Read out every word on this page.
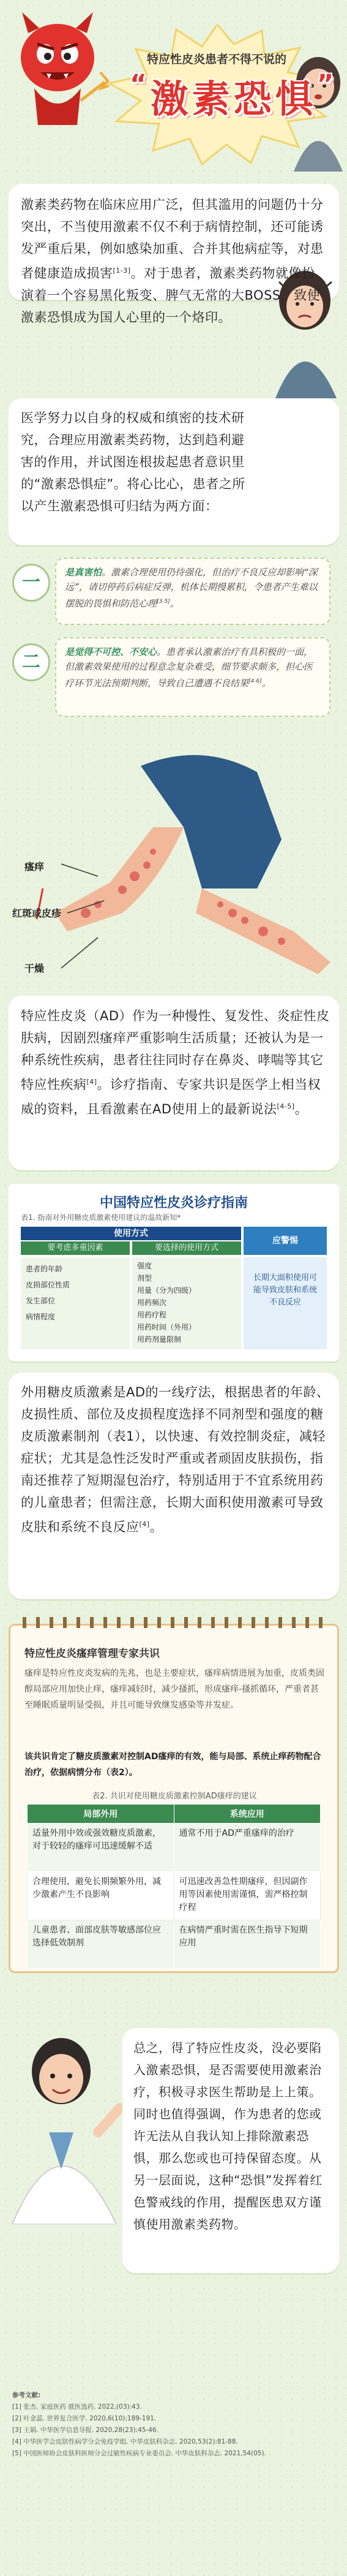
特应性皮炎患者不得不说的
“激素恐惧”
激素类药物在临床应用广泛，但其滥用的问题仍十分突出，不当使用激素不仅不利于病情控制，还可能诱发严重后果，例如感染加重、合并其他病症等，对患者健康造成损害[1-3]。对于患者，激素类药物就像扮演着一个容易黑化叛变、脾气无常的大BOSS，致使激素恐惧成为国人心里的一个烙印。
医学努力以自身的权威和缜密的技术研究，合理应用激素类药物，达到趋利避害的作用，并试图连根拔起患者意识里的“激素恐惧症”。将心比心，患者之所以产生激素恐惧可归结为两方面：
一	是真害怕。激素合理使用仍待强化，但治疗不良反应却影响“深远”，请切停药后病症反弹，机体长期慢累积，令患者产生难以摆脱的畏惧和防范心理[3-5]。
二	是觉得不可控、不安心。患者承认激素治疗有具积极的一面，但激素效果使用的过程意念复杂难受，细节要求颇多，担心医疗环节光法预期判断，导致自己遭遇不良结果[4-6]。
瘙痒
红斑或皮疹
干燥
特应性皮炎（AD）作为一种慢性、复发性、炎症性皮肤病，因剧烈瘙痒严重影响生活质量；还被认为是一种系统性疾病，患者往往同时存在鼻炎、哮喘等其它特应性疾病[4]。诊疗指南、专家共识是医学上相当权威的资料，且看激素在AD使用上的最新说法[4-5]。
中国特应性皮炎诊疗指南
表1. 指南对外用糖皮质激素使用建议的温故新知*
使用方式
要考虑多重因素	要选择的使用方式
应警惕
患者的年龄
皮损部位性质
发生部位
病情程度
强度
剂型
用量（分为四级）
用药频次
用药疗程
用药时间（外用）
用药剂量限制
长期大面积使用可能导致皮肤和系统不良反应
外用糖皮质激素是AD的一线疗法，根据患者的年龄、皮损性质、部位及皮损程度选择不同剂型和强度的糖皮质激素制剂（表1），以快速、有效控制炎症，减轻症状；尤其是急性泛发时严重或者顽固皮肤损伤，指南还推荐了短期湿包治疗，特别适用于不宜系统用药的儿童患者；但需注意，长期大面积使用激素可导致皮肤和系统不良反应[4]。
特应性皮炎瘙痒管理专家共识
瘙痒是特应性皮炎发病的先兆，也是主要症状，瘙痒病情进展为加重，皮质类固醇局部应用加快止痒，瘙痒减轻时，减少搔抓，形成瘙痒-搔抓循环，严重者甚至睡眠质量明显受损，并且可能导致继发感染等并发症。
该共识肯定了糖皮质激素对控制AD瘙痒的有效，能与局部、系统止痒药物配合治疗，依据病情分布（表2）。
表2. 共识对使用糖皮质激素控制AD瘙痒的建议
局部外用	系统应用
适量外用中效或强效糖皮质激素，对于较轻的瘙痒可迅速缓解不适	通常不用于AD严重瘙痒的治疗
合理使用，避免长期频繁外用，减少激素产生不良影响	可迅速改善急性期瘙痒，但因副作用等因素使用需谨慎，需严格控制疗程
儿童患者、面部皮肤等敏感部位应选择低效制剂	在病情严重时需在医生指导下短期应用
总之，得了特应性皮炎，没必要陷入激素恐惧，是否需要使用激素治疗，积极寻求医生帮助是上上策。同时也值得强调，作为患者的您或许无法从自我认知上排除激素恐惧，那么您或也可持保留态度。从另一层面说，这种“恐惧”发挥着红色警戒线的作用，提醒医患双方谨慎使用激素类药物。
参考文献:
[1] 张杰. 家庭医药 就医选药. 2022,(03):43.
[2] 叶金蕊. 世界复合医学. 2020,6(10):189-191.
[3] 王娟. 中华医学信息导报. 2020,28(23):45-46.
[4] 中华医学会皮肤性病学分会免疫学组. 中华皮肤科杂志. 2020,53(2):81-88.
[5] 中国医师协会皮肤科医师分会过敏性疾病专业委员会. 中华皮肤科杂志. 2021,54(05).
